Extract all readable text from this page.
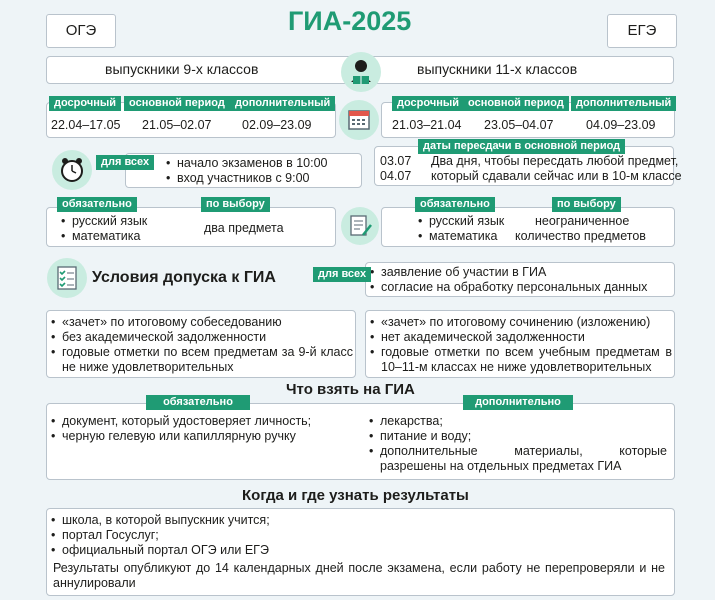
ОГЭ	ГИА-2025	ЕГЭ
выпускники 9-х классов	выпускники 11-х классов
22.04–17.05 21.05–02.07 02.09–23.09
досрочный	основной период дополнительный
21.03–21.04 23.05–04.07	04.09–23.09
досрочный основной период	дополнительный
• начало экзаменов в 10:00
• вход участников с 9:00
для всех	03.07
04.07
Два дня, чтобы пересдать любой предмет,
который сдавали сейчас или в 10-м классе
даты пересдачи в основной период
• русский язык
• математика
два предмета
обязательно	по выбору
• русский язык
• математика
неограниченное
количество предметов
обязательно	по выбору
Условия допуска к ГИА
•	заявление об участии в ГИА
• согласие на обработку персональных данных
для всех
• «зачет» по итоговому собеседованию
• без академической задолженности
• годовые отметки по всем предметам за 9-й класс не ниже удовлетворительных
• «зачет» по итоговому сочинению (изложению)
• нет академической задолженности
• годовые отметки по всем учебным предметам в 10–11-м классах не ниже удовлетворительных
Что взять на ГИА
• документ, который удостоверяет личность;
• черную гелевую или капиллярную ручку
• лекарства;
• питание и воду;
• дополнительные материалы, которые разрешены на отдельных предметах ГИА
обязательно	дополнительно
Когда и где узнать результаты
• школа, в которой выпускник учится;
• портал Госуслуг;
• официальный портал ОГЭ или ЕГЭ
Результаты опубликуют до 14 календарных дней после экзамена, если работу не перепроверяли и не аннулировали
